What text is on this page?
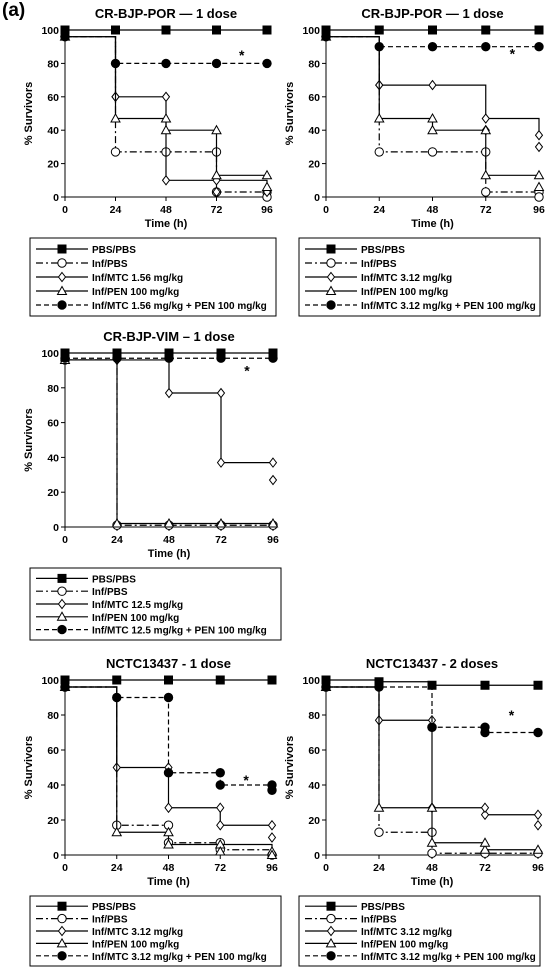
(a)	CR-BJP-POR — 1 dose
0
20
40
60
80
100
0	24	48	72	96
Time (h)
% Survivors
*
PBS/PBS
Inf/PBS
Inf/MTC 1.56 mg/kg
Inf/PEN 100 mg/kg
Inf/MTC 1.56 mg/kg + PEN 100 mg/kg
CR-BJP-POR — 1 dose
0
20
40
60
80
100
0	24	48	72	96
Time (h)
% Survivors
*
PBS/PBS
Inf/PBS
Inf/MTC 3.12 mg/kg
Inf/PEN 100 mg/kg
Inf/MTC 3.12 mg/kg + PEN 100 mg/kg
CR-BJP-VIM – 1 dose
0
20
40
60
80
100
0	24	48	72	96
Time (h)
% Survivors
*
PBS/PBS
Inf/PBS
Inf/MTC 12.5 mg/kg
Inf/PEN 100 mg/kg
Inf/MTC 12.5 mg/kg + PEN 100 mg/kg
NCTC13437 - 1 dose
0
20
40
60
80
100
0	24	48	72	96
Time (h)
% Survivors	*
PBS/PBS
Inf/PBS
Inf/MTC 3.12 mg/kg
Inf/PEN 100 mg/kg
Inf/MTC 3.12 mg/kg + PEN 100 mg/kg
NCTC13437 - 2 doses
0
20
40
60
80
100
0	24	48	72	96
Time (h)
% Survivors
*
PBS/PBS
Inf/PBS
Inf/MTC 3.12 mg/kg
Inf/PEN 100 mg/kg
Inf/MTC 3.12 mg/kg + PEN 100 mg/kg
